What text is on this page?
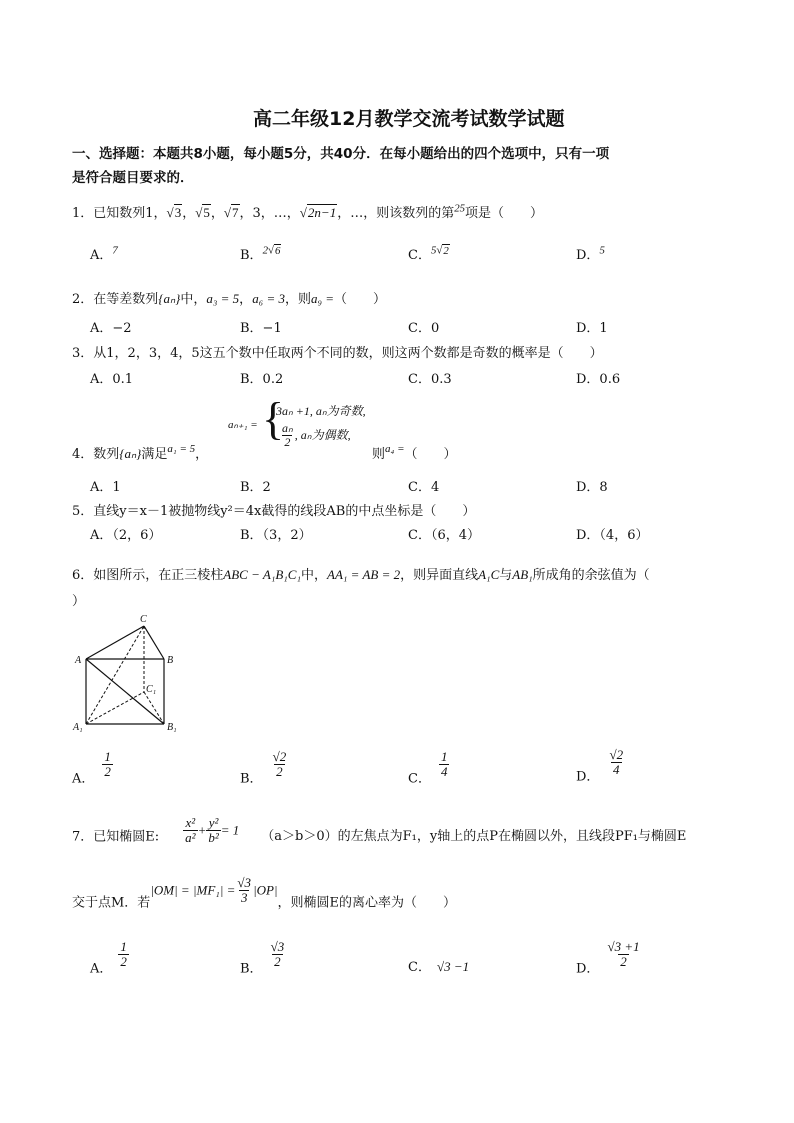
高二年级12月教学交流考试数学试题
一、选择题：本题共8小题，每小题5分，共40分．在每小题给出的四个选项中，只有一项
是符合题目要求的．
1．已知数列1，√3，√5，√7，3，…，√2n−1，…，则该数列的第$^{25}$项是（　　）
A．$^7$	B．$^{2√6}$	C．$^{5√2}$	D．$^5$
2．在等差数列{aₙ}中，a₃ = 5，a₆ = 3，则a₉ =（　　）
A．−2	B．−1	C．0	D．1
3．从1，2，3，4，5这五个数中任取两个不同的数，则这两个数都是奇数的概率是（　　）
A．0.1	B．0.2	C．0.3	D．0.6
4．数列{aₙ}满足$^{a_1 = 5}$，
aₙ₊₁ = {
3aₙ +1, aₙ为奇数,
$\frac{\text{aₙ}}{2}$ , aₙ为偶数,
则$^{a_4 =}$（　　）
A．1	B．2	C．4	D．8
5．直线y＝x－1被抛物线y²＝4x截得的线段AB的中点坐标是（　　）
A．（2，6）	B．（3，2）	C．（6，4）	D．（4，6）
6．如图所示，在正三棱柱ABC − A₁B₁C₁中，AA₁ = AB = 2，则异面直线A₁C与AB₁所成角的余弦值为（
）
C
A	B
C₁
A₁	B₁
A． $\frac{1}{2}$	B． $\frac{√2}{2}$	C． $\frac{1}{4}$	D． $\frac{√2}{4}$
7．已知椭圆E: $\frac{\text{x²}}{\text{a²}} + \frac{\text{y²}}{\text{b²}} = 1$ （a＞b＞0）的左焦点为F₁，y轴上的点P在椭圆以外，且线段PF₁与椭圆E
交于点M．若$|OM| = |MF_1| = \frac{√3}{3} |OP|$，则椭圆E的离心率为（　　）
A． $\frac{1}{2}$	B． $\frac{√3}{2}$	C． √3 −1	D． $\frac{√3 +1}{2}$
